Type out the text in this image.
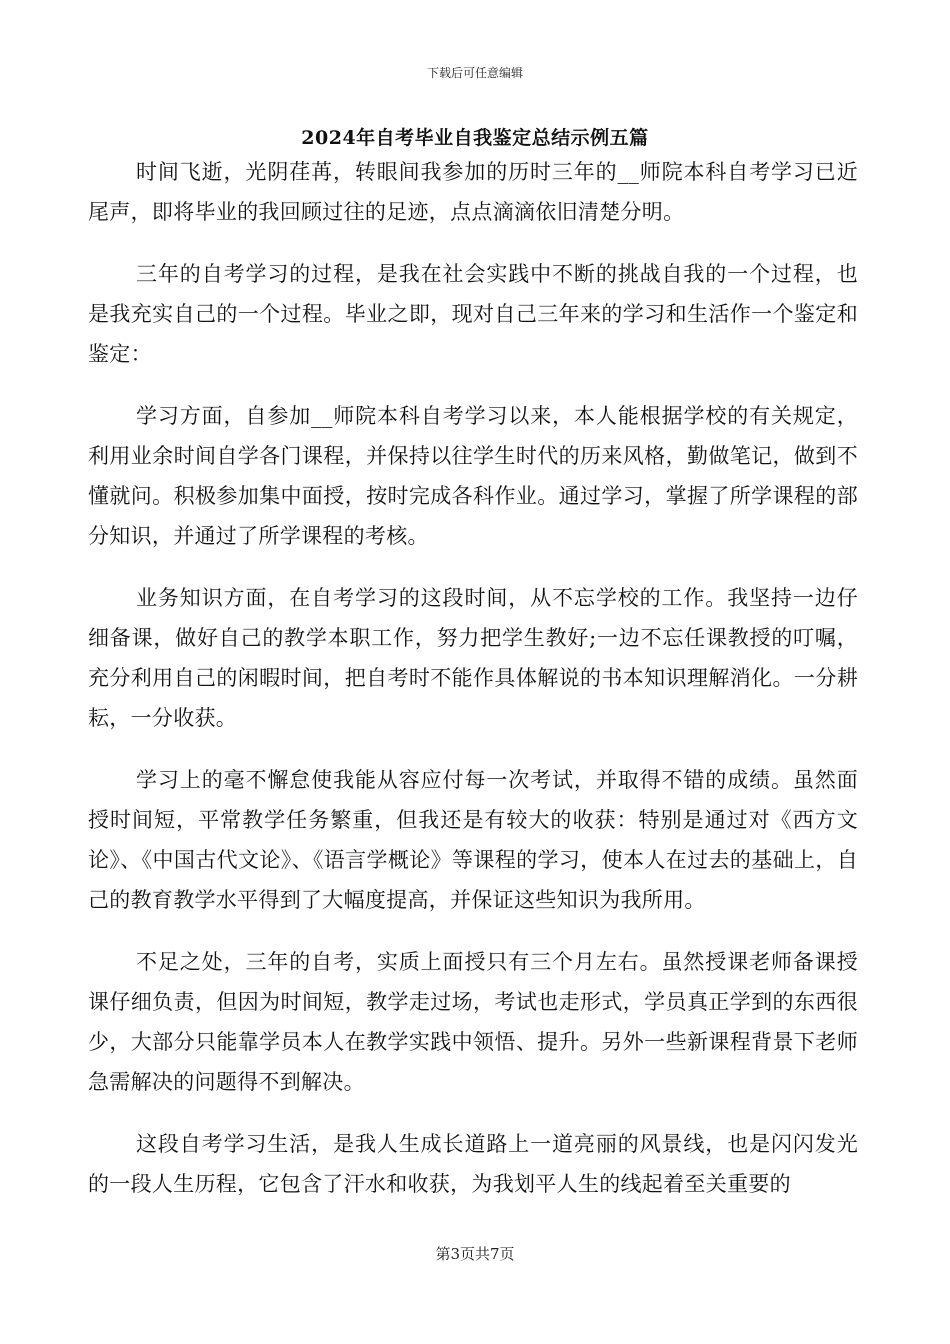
下载后可任意编辑
2024年自考毕业自我鉴定总结示例五篇

时间飞逝，光阴荏苒，转眼间我参加的历时三年的__师院本科自考学习已近尾声，即将毕业的我回顾过往的足迹，点点滴滴依旧清楚分明。

三年的自考学习的过程，是我在社会实践中不断的挑战自我的一个过程，也是我充实自己的一个过程。毕业之即，现对自己三年来的学习和生活作一个鉴定和鉴定：

学习方面，自参加__师院本科自考学习以来，本人能根据学校的有关规定，利用业余时间自学各门课程，并保持以往学生时代的历来风格，勤做笔记，做到不懂就问。积极参加集中面授，按时完成各科作业。通过学习，掌握了所学课程的部分知识，并通过了所学课程的考核。

业务知识方面，在自考学习的这段时间，从不忘学校的工作。我坚持一边仔细备课，做好自己的教学本职工作，努力把学生教好;一边不忘任课教授的叮嘱，充分利用自己的闲暇时间，把自考时不能作具体解说的书本知识理解消化。一分耕耘，一分收获。

学习上的毫不懈怠使我能从容应付每一次考试，并取得不错的成绩。虽然面授时间短，平常教学任务繁重，但我还是有较大的收获：特别是通过对《西方文论》、《中国古代文论》、《语言学概论》等课程的学习，使本人在过去的基础上，自己的教育教学水平得到了大幅度提高，并保证这些知识为我所用。

不足之处，三年的自考，实质上面授只有三个月左右。虽然授课老师备课授课仔细负责，但因为时间短，教学走过场，考试也走形式，学员真正学到的东西很少，大部分只能靠学员本人在教学实践中领悟、提升。另外一些新课程背景下老师急需解决的问题得不到解决。

这段自考学习生活，是我人生成长道路上一道亮丽的风景线，也是闪闪发光的一段人生历程，它包含了汗水和收获，为我划平人生的线起着至关重要的

第3页共7页
